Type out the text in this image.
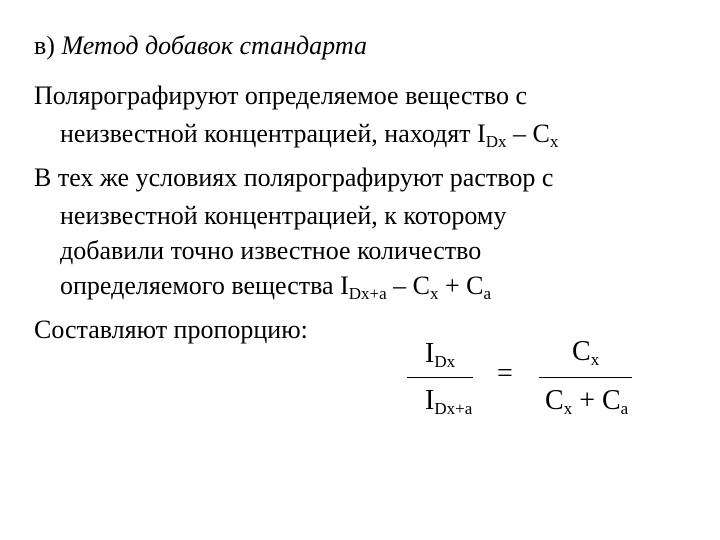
в) Метод добавок стандарта
Полярографируют определяемое вещество с
неизвестной концентрацией, находят $I_{Dx} - C_x$
В тех же условиях полярографируют раствор с
неизвестной концентрацией, к которому
добавили точно известное количество
определяемого вещества $I_{Dx+a} - C_x + C_a$
Составляют пропорцию:
$I_{Dx}$
$I_{Dx+a}$
=
$C_x$
$C_x + C_a$
